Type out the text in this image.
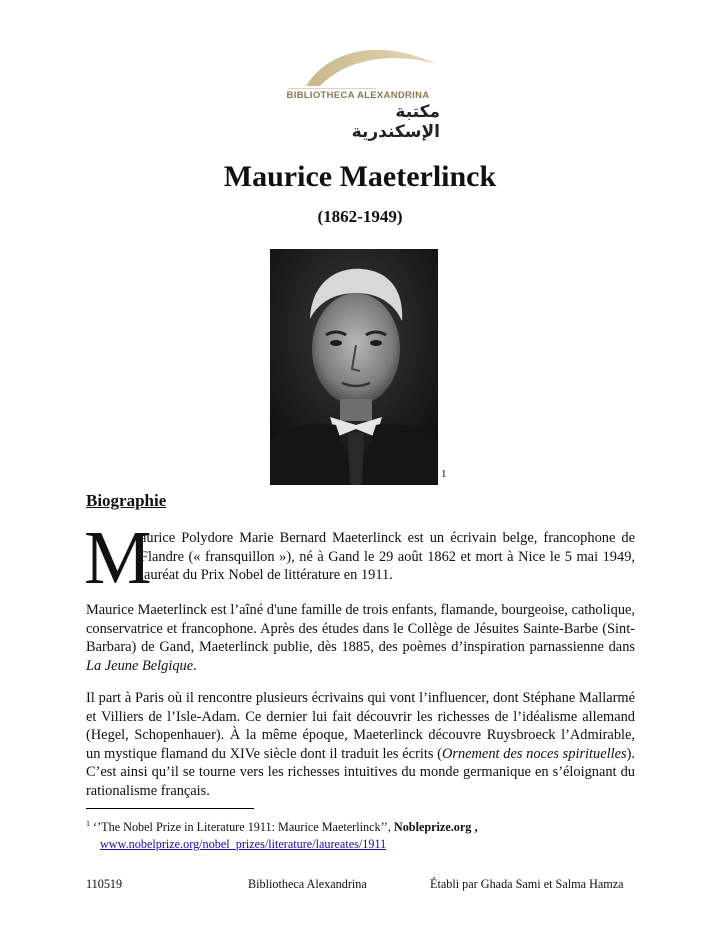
BIBLIOTHECA ALEXANDRINA
مكتبة الإسكندرية
Maurice Maeterlinck
(1862-1949)
1
Biographie
M
aurice Polydore Marie Bernard Maeterlinck est un écrivain belge, francophone de Flandre (« fransquillon »), né à Gand le 29 août 1862 et mort à Nice le 5 mai 1949, lauréat du Prix Nobel de littérature en 1911.

Maurice Maeterlinck est l’aîné d'une famille de trois enfants, flamande, bourgeoise, catholique, conservatrice et francophone. Après des études dans le Collège de Jésuites Sainte-Barbe (Sint-Barbara) de Gand, Maeterlinck publie, dès 1885, des poèmes d’inspiration parnassienne dans La Jeune Belgique.

Il part à Paris où il rencontre plusieurs écrivains qui vont l’influencer, dont Stéphane Mallarmé et Villiers de l’Isle-Adam. Ce dernier lui fait découvrir les richesses de l’idéalisme allemand (Hegel, Schopenhauer). À la même époque, Maeterlinck découvre Ruysbroeck l’Admirable, un mystique flamand du XIVe siècle dont il traduit les écrits (Ornement des noces spirituelles). C’est ainsi qu’il se tourne vers les richesses intuitives du monde germanique en s’éloignant du rationalisme français.

$^1$ ‘’The Nobel Prize in Literature 1911: Maurice Maeterlinck’’, Nobleprize.org ,
www.nobelprize.org/nobel_prizes/literature/laureates/1911
110519	Bibliotheca Alexandrina	Établi par Ghada Sami et Salma Hamza
